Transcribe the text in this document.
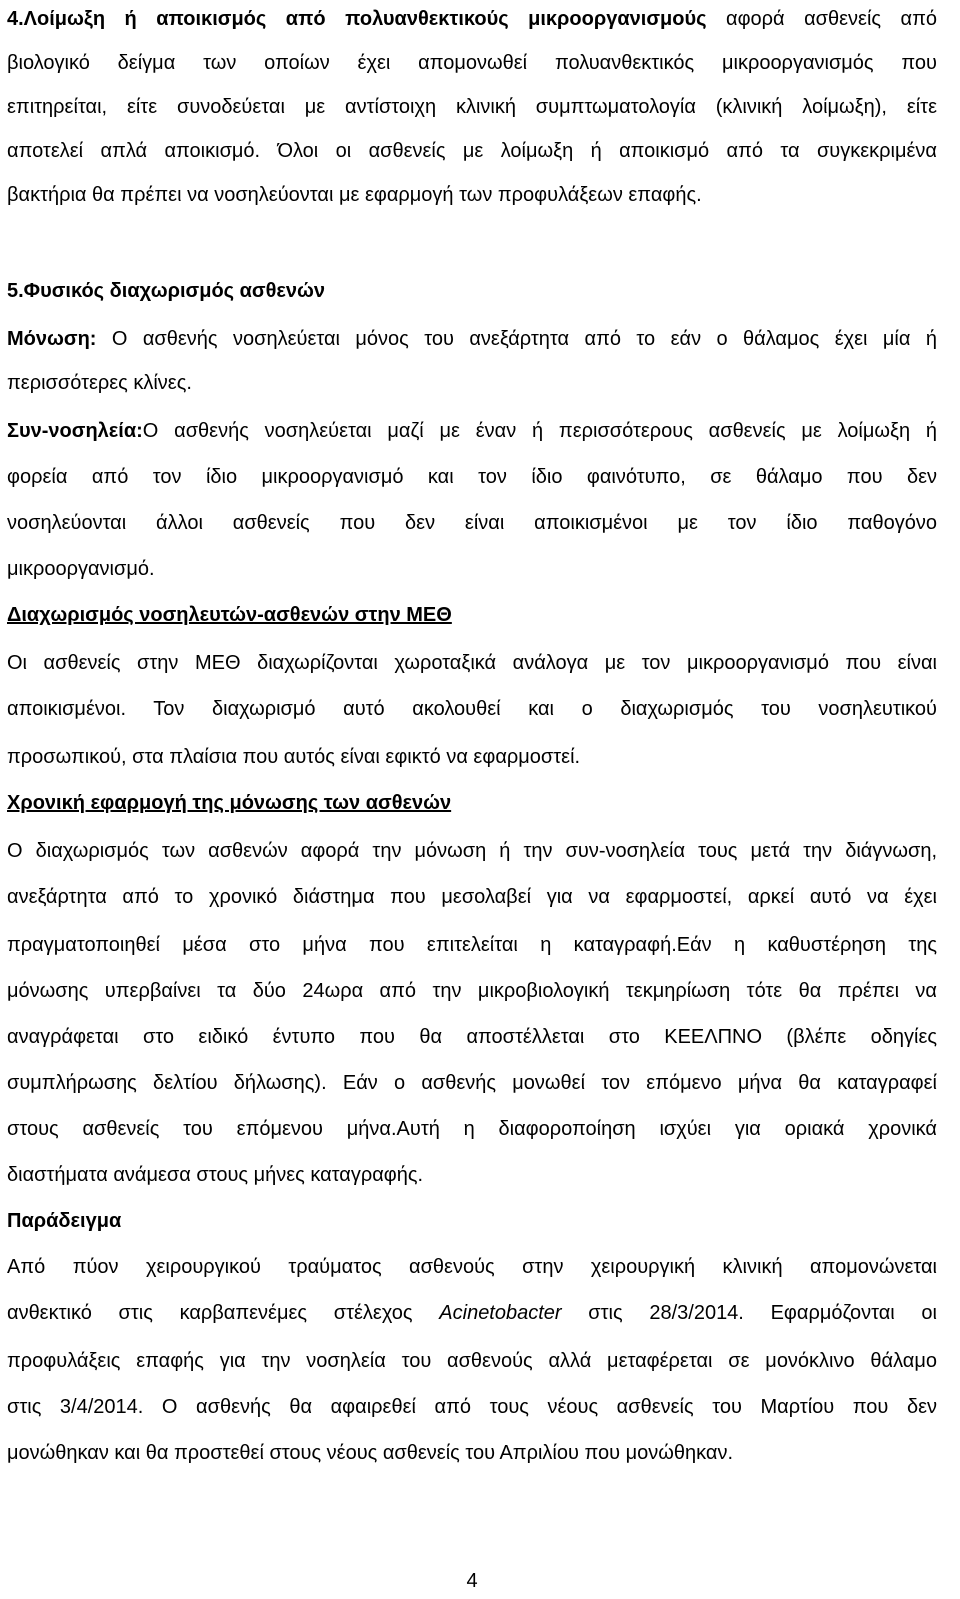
4.Λοίμωξη ή αποικισμός από πολυανθεκτικούς μικροοργανισμούς αφορά ασθενείς από

βιολογικό δείγμα των οποίων έχει απομονωθεί πολυανθεκτικός μικροοργανισμός που

επιτηρείται, είτε συνοδεύεται με αντίστοιχη κλινική συμπτωματολογία (κλινική λοίμωξη), είτε

αποτελεί απλά αποικισμό. Όλοι οι ασθενείς με λοίμωξη ή αποικισμό από τα συγκεκριμένα

βακτήρια θα πρέπει να νοσηλεύονται με εφαρμογή των προφυλάξεων επαφής.

5.Φυσικός διαχωρισμός ασθενών

Μόνωση: Ο ασθενής νοσηλεύεται μόνος του ανεξάρτητα από το εάν ο θάλαμος έχει μία ή

περισσότερες κλίνες.

Συν-νοσηλεία:Ο ασθενής νοσηλεύεται μαζί με έναν ή περισσότερους ασθενείς με λοίμωξη ή

φορεία από τον ίδιο μικροοργανισμό και τον ίδιο φαινότυπο, σε θάλαμο που δεν

νοσηλεύονται άλλοι ασθενείς που δεν είναι αποικισμένοι με τον ίδιο παθογόνο

μικροοργανισμό.

Διαχωρισμός νοσηλευτών-ασθενών στην ΜΕΘ

Οι ασθενείς στην ΜΕΘ διαχωρίζονται χωροταξικά ανάλογα με τον μικροοργανισμό που είναι

αποικισμένοι. Τον διαχωρισμό αυτό ακολουθεί και ο διαχωρισμός του νοσηλευτικού

προσωπικού, στα πλαίσια που αυτός είναι εφικτό να εφαρμοστεί.

Χρονική εφαρμογή της μόνωσης των ασθενών

Ο διαχωρισμός των ασθενών αφορά την μόνωση ή την συν-νοσηλεία τους μετά την διάγνωση,

ανεξάρτητα από το χρονικό διάστημα που μεσολαβεί για να εφαρμοστεί, αρκεί αυτό να έχει

πραγματοποιηθεί μέσα στο μήνα που επιτελείται η καταγραφή.Εάν η καθυστέρηση της

μόνωσης υπερβαίνει τα δύο 24ωρα από την μικροβιολογική τεκμηρίωση τότε θα πρέπει να

αναγράφεται στο ειδικό έντυπο που θα αποστέλλεται στο ΚΕΕΛΠΝΟ (βλέπε οδηγίες

συμπλήρωσης δελτίου δήλωσης). Εάν ο ασθενής μονωθεί τον επόμενο μήνα θα καταγραφεί

στους ασθενείς του επόμενου μήνα.Αυτή η διαφοροποίηση ισχύει για οριακά χρονικά

διαστήματα ανάμεσα στους μήνες καταγραφής.

Παράδειγμα

Από πύον χειρουργικού τραύματος ασθενούς στην χειρουργική κλινική απομονώνεται

ανθεκτικό στις καρβαπενέμες στέλεχος Acinetobacter στις 28/3/2014. Εφαρμόζονται οι

προφυλάξεις επαφής για την νοσηλεία του ασθενούς αλλά μεταφέρεται σε μονόκλινο θάλαμο

στις 3/4/2014. Ο ασθενής θα αφαιρεθεί από τους νέους ασθενείς του Μαρτίου που δεν

μονώθηκαν και θα προστεθεί στους νέους ασθενείς του Απριλίου που μονώθηκαν.

4
